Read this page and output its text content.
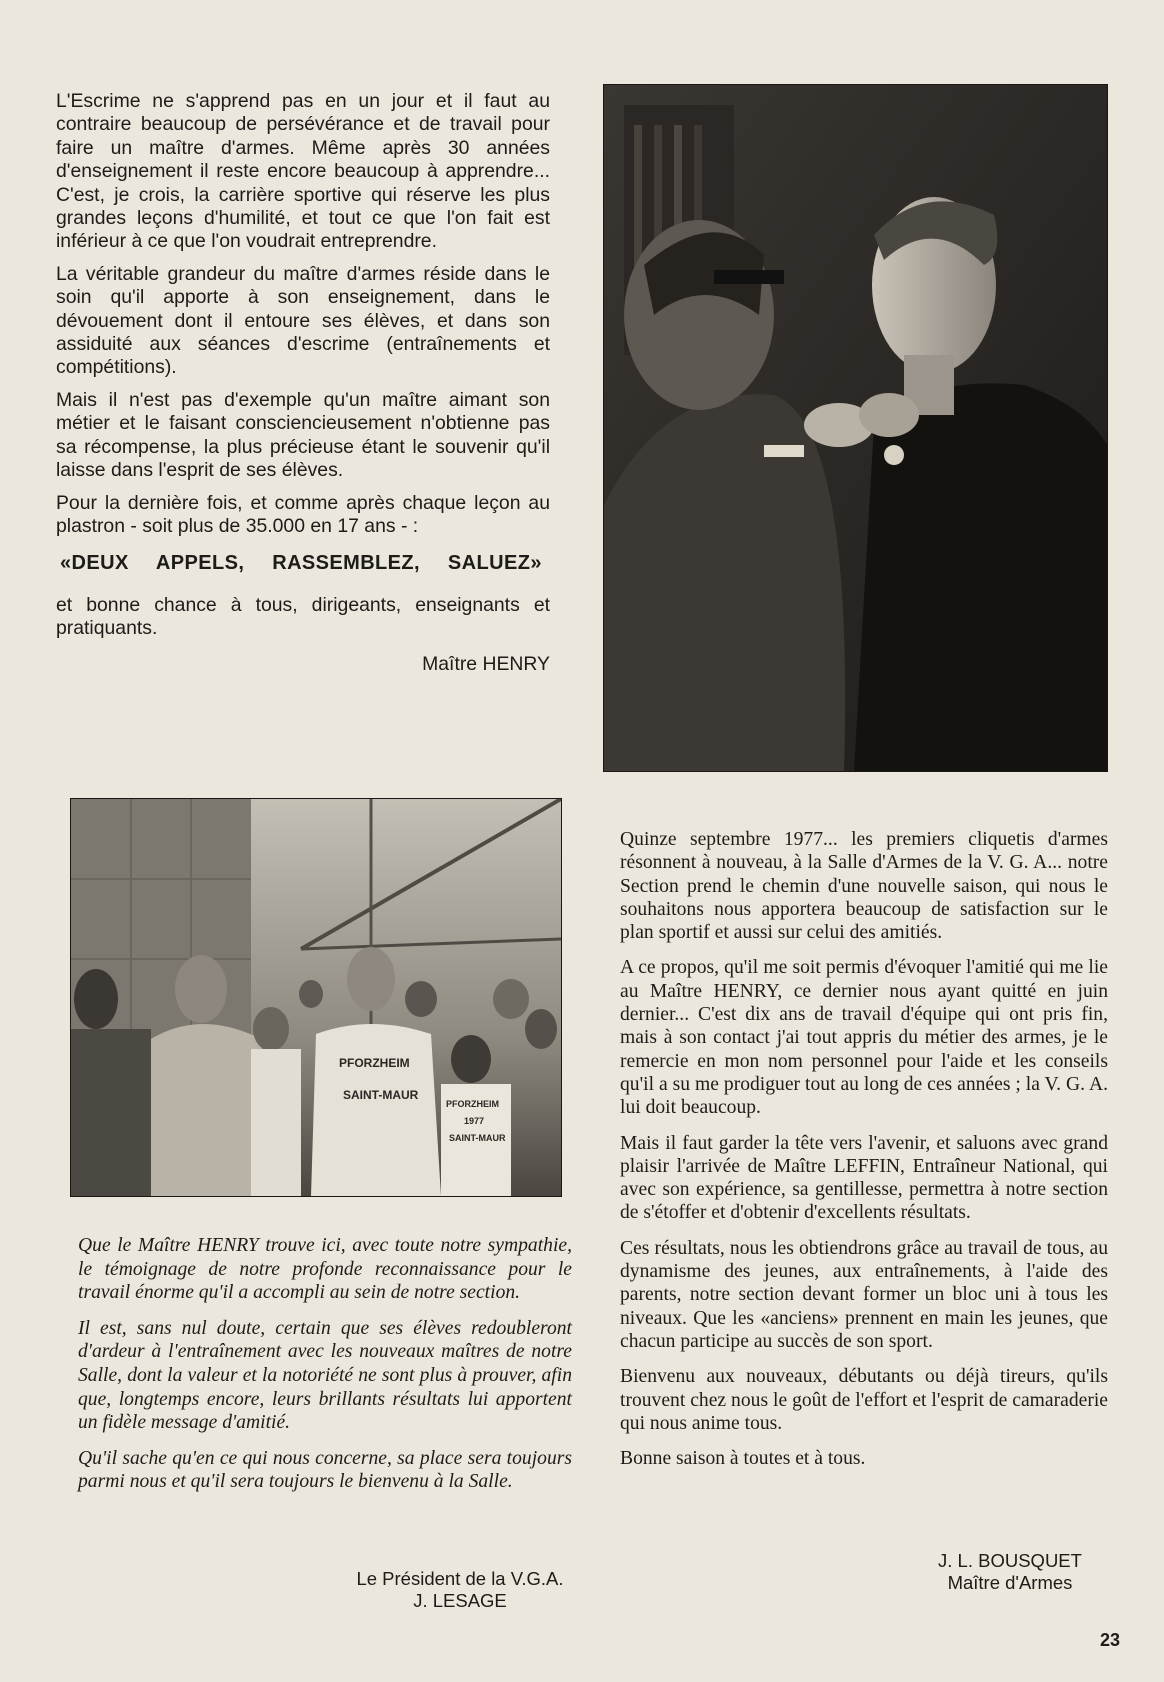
L'Escrime ne s'apprend pas en un jour et il faut au contraire beaucoup de persévérance et de travail pour faire un maître d'armes. Même après 30 années d'enseignement il reste encore beaucoup à apprendre... C'est, je crois, la carrière sportive qui réserve les plus grandes leçons d'humilité, et tout ce que l'on fait est inférieur à ce que l'on voudrait entreprendre.

La véritable grandeur du maître d'armes réside dans le soin qu'il apporte à son enseignement, dans le dévouement dont il entoure ses élèves, et dans son assiduité aux séances d'escrime (entraînements et compétitions).

Mais il n'est pas d'exemple qu'un maître aimant son métier et le faisant consciencieusement n'obtienne pas sa récompense, la plus précieuse étant le souvenir qu'il laisse dans l'esprit de ses élèves.

Pour la dernière fois, et comme après chaque leçon au plastron - soit plus de 35.000 en 17 ans - :

«DEUX APPELS, RASSEMBLEZ, SALUEZ»

et bonne chance à tous, dirigeants, enseignants et pratiquants.

Maître HENRY

PFORZHEIM
SAINT-MAUR
PFORZHEIM
1977
SAINT-MAUR

Que le Maître HENRY trouve ici, avec toute notre sympathie, le témoignage de notre profonde reconnaissance pour le travail énorme qu'il a accompli au sein de notre section.

Il est, sans nul doute, certain que ses élèves redoubleront d'ardeur à l'entraînement avec les nouveaux maîtres de notre Salle, dont la valeur et la notoriété ne sont plus à prouver, afin que, longtemps encore, leurs brillants résultats lui apportent un fidèle message d'amitié.

Qu'il sache qu'en ce qui nous concerne, sa place sera toujours parmi nous et qu'il sera toujours le bienvenu à la Salle.

Le Président de la V.G.A.
J. LESAGE

Quinze septembre 1977... les premiers cliquetis d'armes résonnent à nouveau, à la Salle d'Armes de la V. G. A... notre Section prend le chemin d'une nouvelle saison, qui nous le souhaitons nous apportera beaucoup de satisfaction sur le plan sportif et aussi sur celui des amitiés.

A ce propos, qu'il me soit permis d'évoquer l'amitié qui me lie au Maître HENRY, ce dernier nous ayant quitté en juin dernier... C'est dix ans de travail d'équipe qui ont pris fin, mais à son contact j'ai tout appris du métier des armes, je le remercie en mon nom personnel pour l'aide et les conseils qu'il a su me prodiguer tout au long de ces années ; la V. G. A. lui doit beaucoup.

Mais il faut garder la tête vers l'avenir, et saluons avec grand plaisir l'arrivée de Maître LEFFIN, Entraîneur National, qui avec son expérience, sa gentillesse, permettra à notre section de s'étoffer et d'obtenir d'excellents résultats.

Ces résultats, nous les obtiendrons grâce au travail de tous, au dynamisme des jeunes, aux entraînements, à l'aide des parents, notre section devant former un bloc uni à tous les niveaux. Que les «anciens» prennent en main les jeunes, que chacun participe au succès de son sport.

Bienvenu aux nouveaux, débutants ou déjà tireurs, qu'ils trouvent chez nous le goût de l'effort et l'esprit de camaraderie qui nous anime tous.

Bonne saison à toutes et à tous.

J. L. BOUSQUET
Maître d'Armes
23
